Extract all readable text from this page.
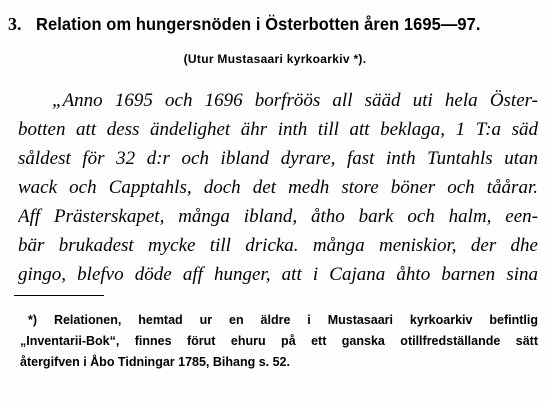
3. Relation om hungersnöden i Österbotten åren 1695—97.
(Utur Mustasaari kyrkoarkiv *).
„Anno 1695 och 1696 borfröös all sääd uti hela Öster-
botten att dess ändelighet ähr inth till att beklaga, 1 T:a säd
såldest för 32 d:r och ibland dyrare, fast inth Tuntahls utan
wack och Capptahls, doch det medh store böner och tåårar.
Aff Prästerskapet, många ibland, åtho bark och halm, een-
bär brukadest mycke till dricka. många meniskior, der dhe
gingo, blefvo döde aff hunger, att i Cajana åhto barnen sina
*) Relationen, hemtad ur en äldre i Mustasaari kyrkoarkiv befintlig
„Inventarii-Bok“, finnes förut ehuru på ett ganska otillfredställande sätt
återgifven i Åbo Tidningar 1785, Bihang s. 52.
